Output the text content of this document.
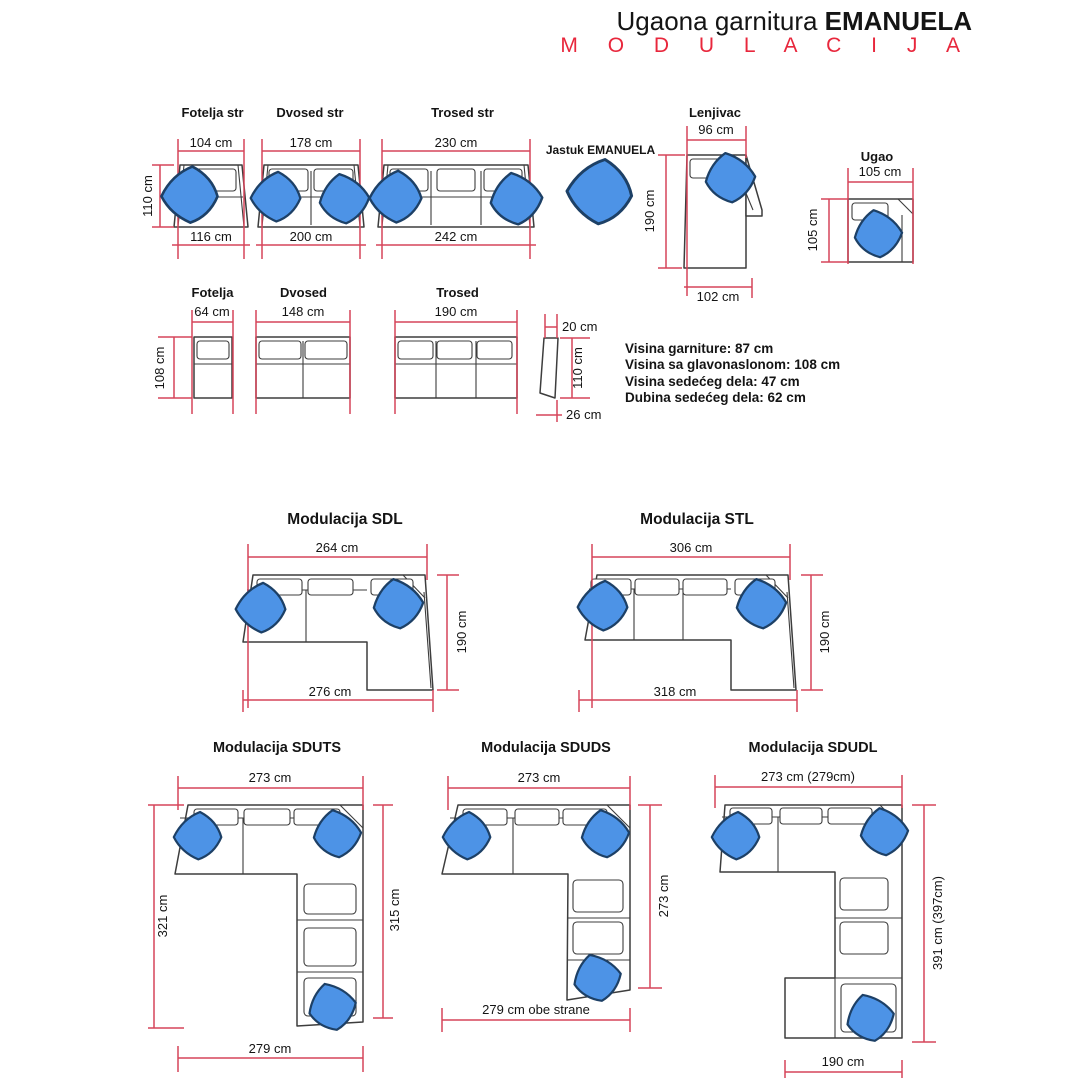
Ugaona garnitura EMANUELA
M O D U L A C I J A
Fotelja str	Dvosed str	Trosed str
Jastuk EMANUELA
Lenjivac
Ugao
104 cm
116 cm
110 cm
178 cm
200 cm
230 cm
242 cm
96 cm
190 cm
102 cm
105 cm
105 cm
Fotelja	Dvosed	Trosed
64 cm
108 cm
148 cm	190 cm
20 cm
110 cm
26 cm
Visina garniture: 87 cm
Visina sa glavonaslonom: 108 cm
Visina sedećeg dela: 47 cm
Dubina sedećeg dela: 62 cm
Modulacija SDL	Modulacija STL
264 cm
276 cm
190 cm
306 cm
318 cm
190 cm
Modulacija SDUTS	Modulacija SDUDS	Modulacija SDUDL
273 cm
321 cm	315 cm
279 cm
273 cm
273 cm
279 cm obe strane
273 cm (279cm)
391 cm (397cm)
190 cm
